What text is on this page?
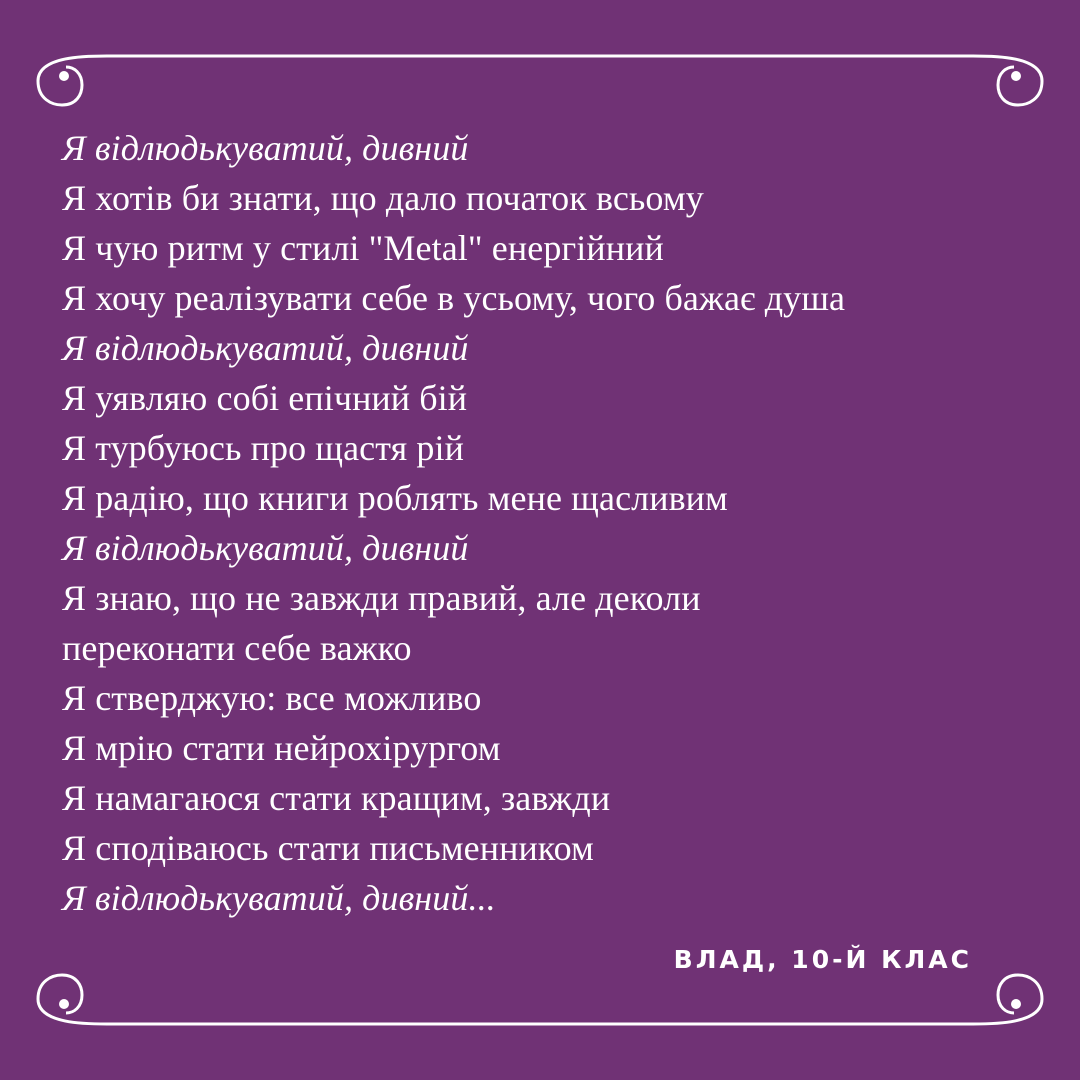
Я відлюдькуватий, дивний
Я хотів би знати, що дало початок всьому
Я чую ритм у стилі "Metal" енергійний
Я хочу реалізувати себе в усьому, чого бажає душа
Я відлюдькуватий, дивний
Я уявляю собі епічний бій
Я турбуюсь про щастя рій
Я радію, що книги роблять мене щасливим
Я відлюдькуватий, дивний
Я знаю, що не завжди правий, але деколи
переконати себе важко
Я стверджую: все можливо
Я мрію стати нейрохірургом
Я намагаюся стати кращим, завжди
Я сподіваюсь стати письменником
Я відлюдькуватий, дивний...
ВЛАД, 10-Й КЛАС
